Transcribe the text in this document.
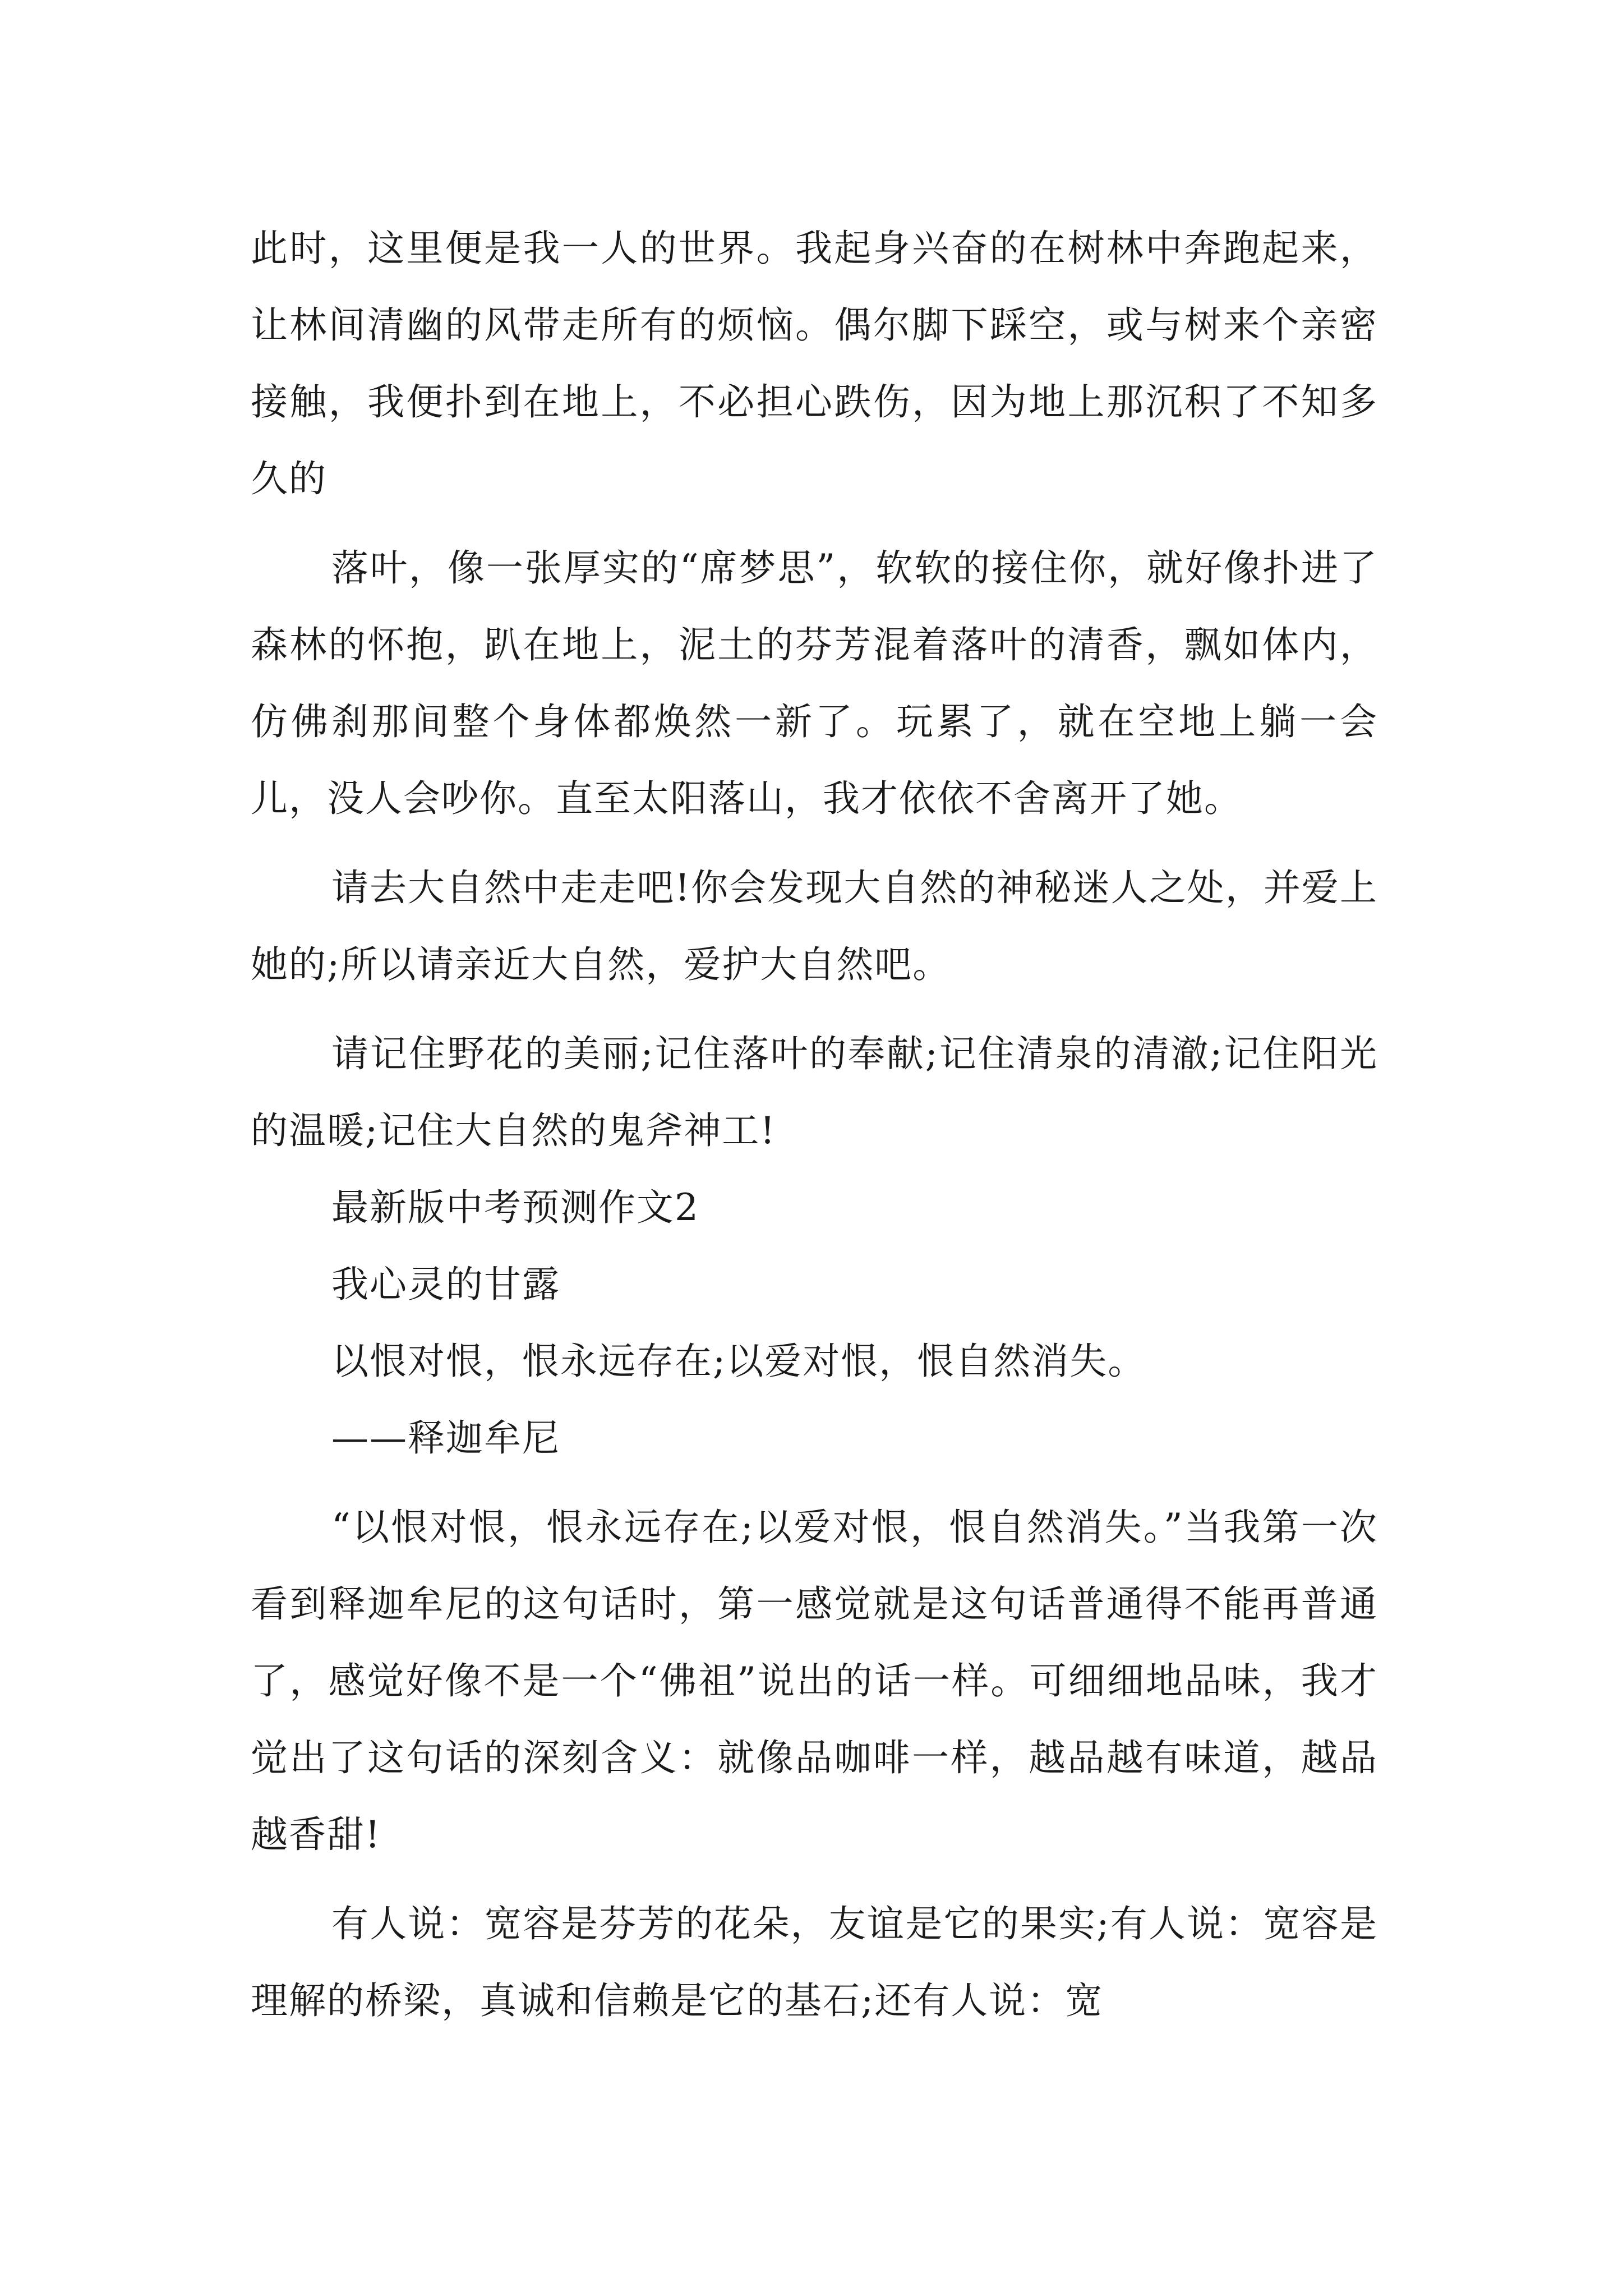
此时，这里便是我一人的世界。我起身兴奋的在树林中奔跑起来，让林间清幽的风带走所有的烦恼。偶尔脚下踩空，或与树来个亲密接触，我便扑到在地上，不必担心跌伤，因为地上那沉积了不知多久的

落叶，像一张厚实的“席梦思”，软软的接住你，就好像扑进了森林的怀抱，趴在地上，泥土的芬芳混着落叶的清香，飘如体内，仿佛刹那间整个身体都焕然一新了。玩累了，就在空地上躺一会儿，没人会吵你。直至太阳落山，我才依依不舍离开了她。

请去大自然中走走吧!你会发现大自然的神秘迷人之处，并爱上她的;所以请亲近大自然，爱护大自然吧。

请记住野花的美丽;记住落叶的奉献;记住清泉的清澈;记住阳光的温暖;记住大自然的鬼斧神工!

最新版中考预测作文2

我心灵的甘露

以恨对恨，恨永远存在;以爱对恨，恨自然消失。

——释迦牟尼

“以恨对恨，恨永远存在;以爱对恨，恨自然消失。”当我第一次看到释迦牟尼的这句话时，第一感觉就是这句话普通得不能再普通了，感觉好像不是一个“佛祖”说出的话一样。可细细地品味，我才觉出了这句话的深刻含义：就像品咖啡一样，越品越有味道，越品越香甜!

有人说：宽容是芬芳的花朵，友谊是它的果实;有人说：宽容是理解的桥梁，真诚和信赖是它的基石;还有人说：宽
